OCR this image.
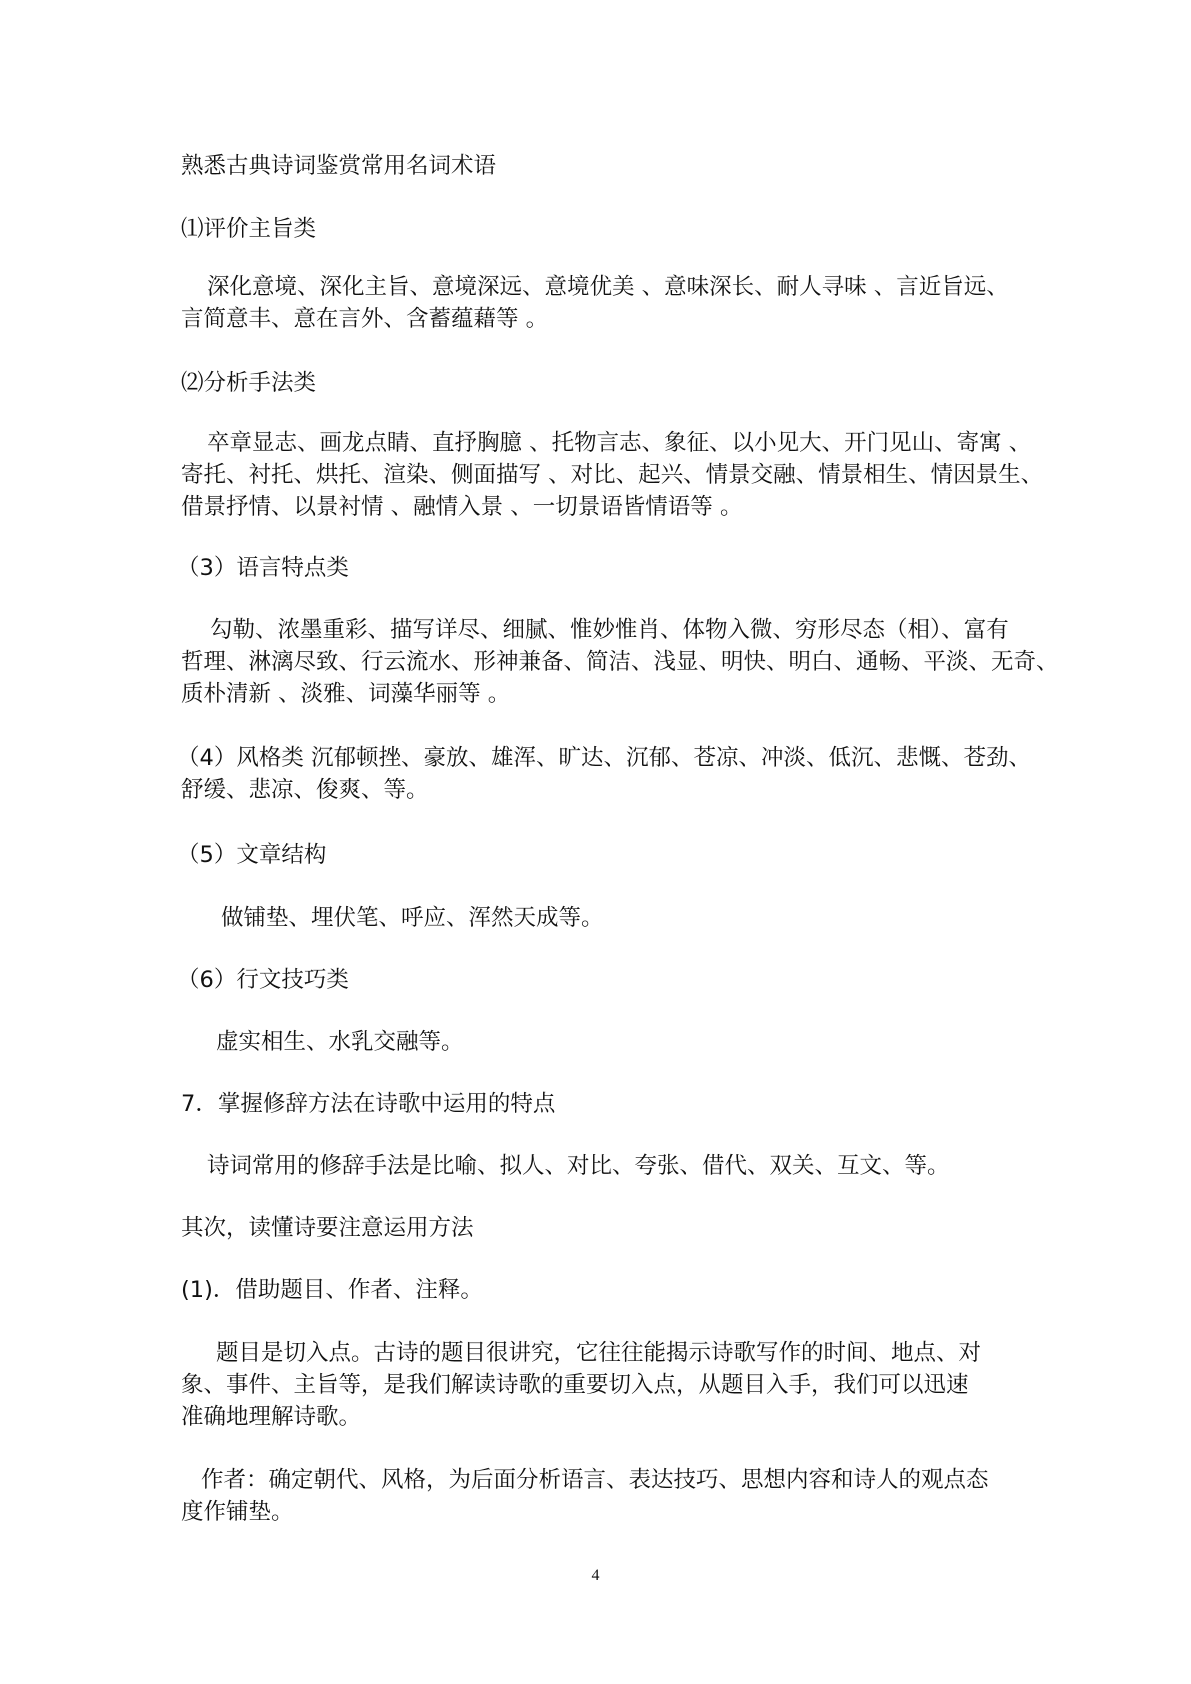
熟悉古典诗词鉴赏常用名词术语

⑴评价主旨类

深化意境、深化主旨、意境深远、意境优美 、意味深长、耐人寻味 、言近旨远、

言简意丰、意在言外、含蓄蕴藉等 。

⑵分析手法类

卒章显志、画龙点睛、直抒胸臆 、托物言志、象征、以小见大、开门见山、寄寓 、

寄托、衬托、烘托、渲染、侧面描写 、对比、起兴、情景交融、情景相生、情因景生、

借景抒情、以景衬情 、融情入景 、一切景语皆情语等 。

（3）语言特点类

勾勒、浓墨重彩、描写详尽、细腻、惟妙惟肖、体物入微、穷形尽态（相）、富有

哲理、淋漓尽致、行云流水、形神兼备、简洁、浅显、明快、明白、通畅、平淡、无奇、

质朴清新 、淡雅、词藻华丽等 。

（4）风格类 沉郁顿挫、豪放、雄浑、旷达、沉郁、苍凉、冲淡、低沉、悲慨、苍劲、

舒缓、悲凉、俊爽、等。

（5）文章结构

做铺垫、埋伏笔、呼应、浑然天成等。

（6）行文技巧类

虚实相生、水乳交融等。

7．掌握修辞方法在诗歌中运用的特点

诗词常用的修辞手法是比喻、拟人、对比、夸张、借代、双关、互文、等。

其次，读懂诗要注意运用方法

(1)．借助题目、作者、注释。

题目是切入点。古诗的题目很讲究，它往往能揭示诗歌写作的时间、地点、对

象、事件、主旨等，是我们解读诗歌的重要切入点，从题目入手，我们可以迅速

准确地理解诗歌。

作者：确定朝代、风格，为后面分析语言、表达技巧、思想内容和诗人的观点态

度作铺垫。

4
